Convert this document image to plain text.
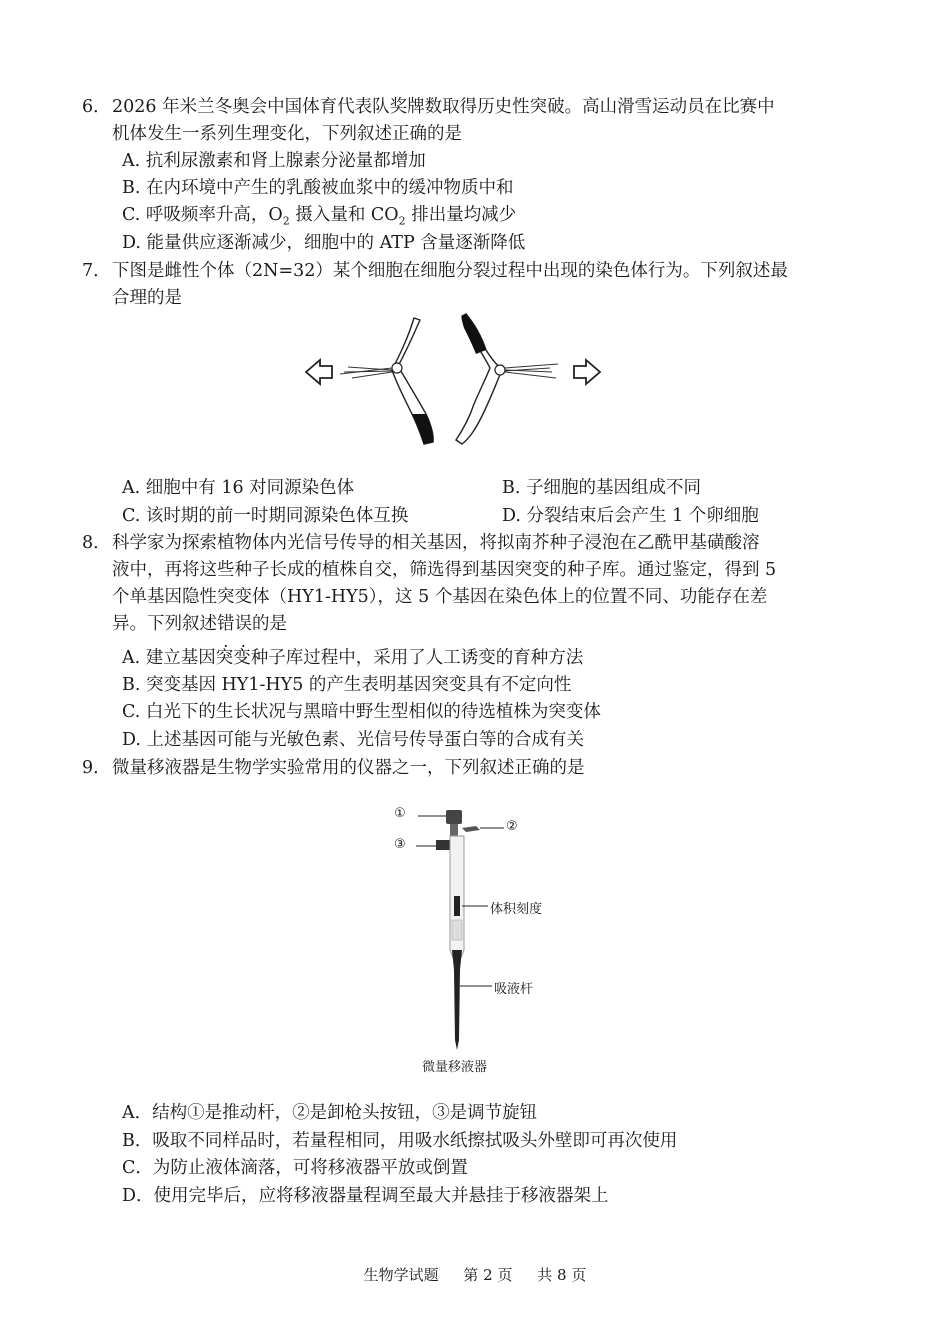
6．2026 年米兰冬奥会中国体育代表队奖牌数取得历史性突破。高山滑雪运动员在比赛中
机体发生一系列生理变化，下列叙述正确的是

A. 抗利尿激素和肾上腺素分泌量都增加
B. 在内环境中产生的乳酸被血浆中的缓冲物质中和
C. 呼吸频率升高，$O_2$ 摄入量和 $CO_2$ 排出量均减少
D. 能量供应逐渐减少，细胞中的 ATP 含量逐渐降低

7．下图是雌性个体（2N=32）某个细胞在细胞分裂过程中出现的染色体行为。下列叙述最
合理的是

A. 细胞中有 16 对同源染色体	B. 子细胞的基因组成不同
C. 该时期的前一时期同源染色体互换	D. 分裂结束后会产生 1 个卵细胞

8．科学家为探索植物体内光信号传导的相关基因，将拟南芥种子浸泡在乙酰甲基磺酸溶
液中，再将这些种子长成的植株自交，筛选得到基因突变的种子库。通过鉴定，得到 5
个单基因隐性突变体（HY1-HY5），这 5 个基因在染色体上的位置不同、功能存在差
异。下列叙述错误的是

A. 建立基因突变种子库过程中，采用了人工诱变的育种方法
B. 突变基因 HY1-HY5 的产生表明基因突变具有不定向性
C. 白光下的生长状况与黑暗中野生型相似的待选植株为突变体
D. 上述基因可能与光敏色素、光信号传导蛋白等的合成有关

9．微量移液器是生物学实验常用的仪器之一，下列叙述正确的是

①
②
③
体积刻度
吸液杆
微量移液器
A．结构①是推动杆，②是卸枪头按钮，③是调节旋钮
B．吸取不同样品时，若量程相同，用吸水纸擦拭吸头外壁即可再次使用
C．为防止液体滴落，可将移液器平放或倒置
D．使用完毕后，应将移液器量程调至最大并悬挂于移液器架上
生物学试题 第 2 页 共 8 页
